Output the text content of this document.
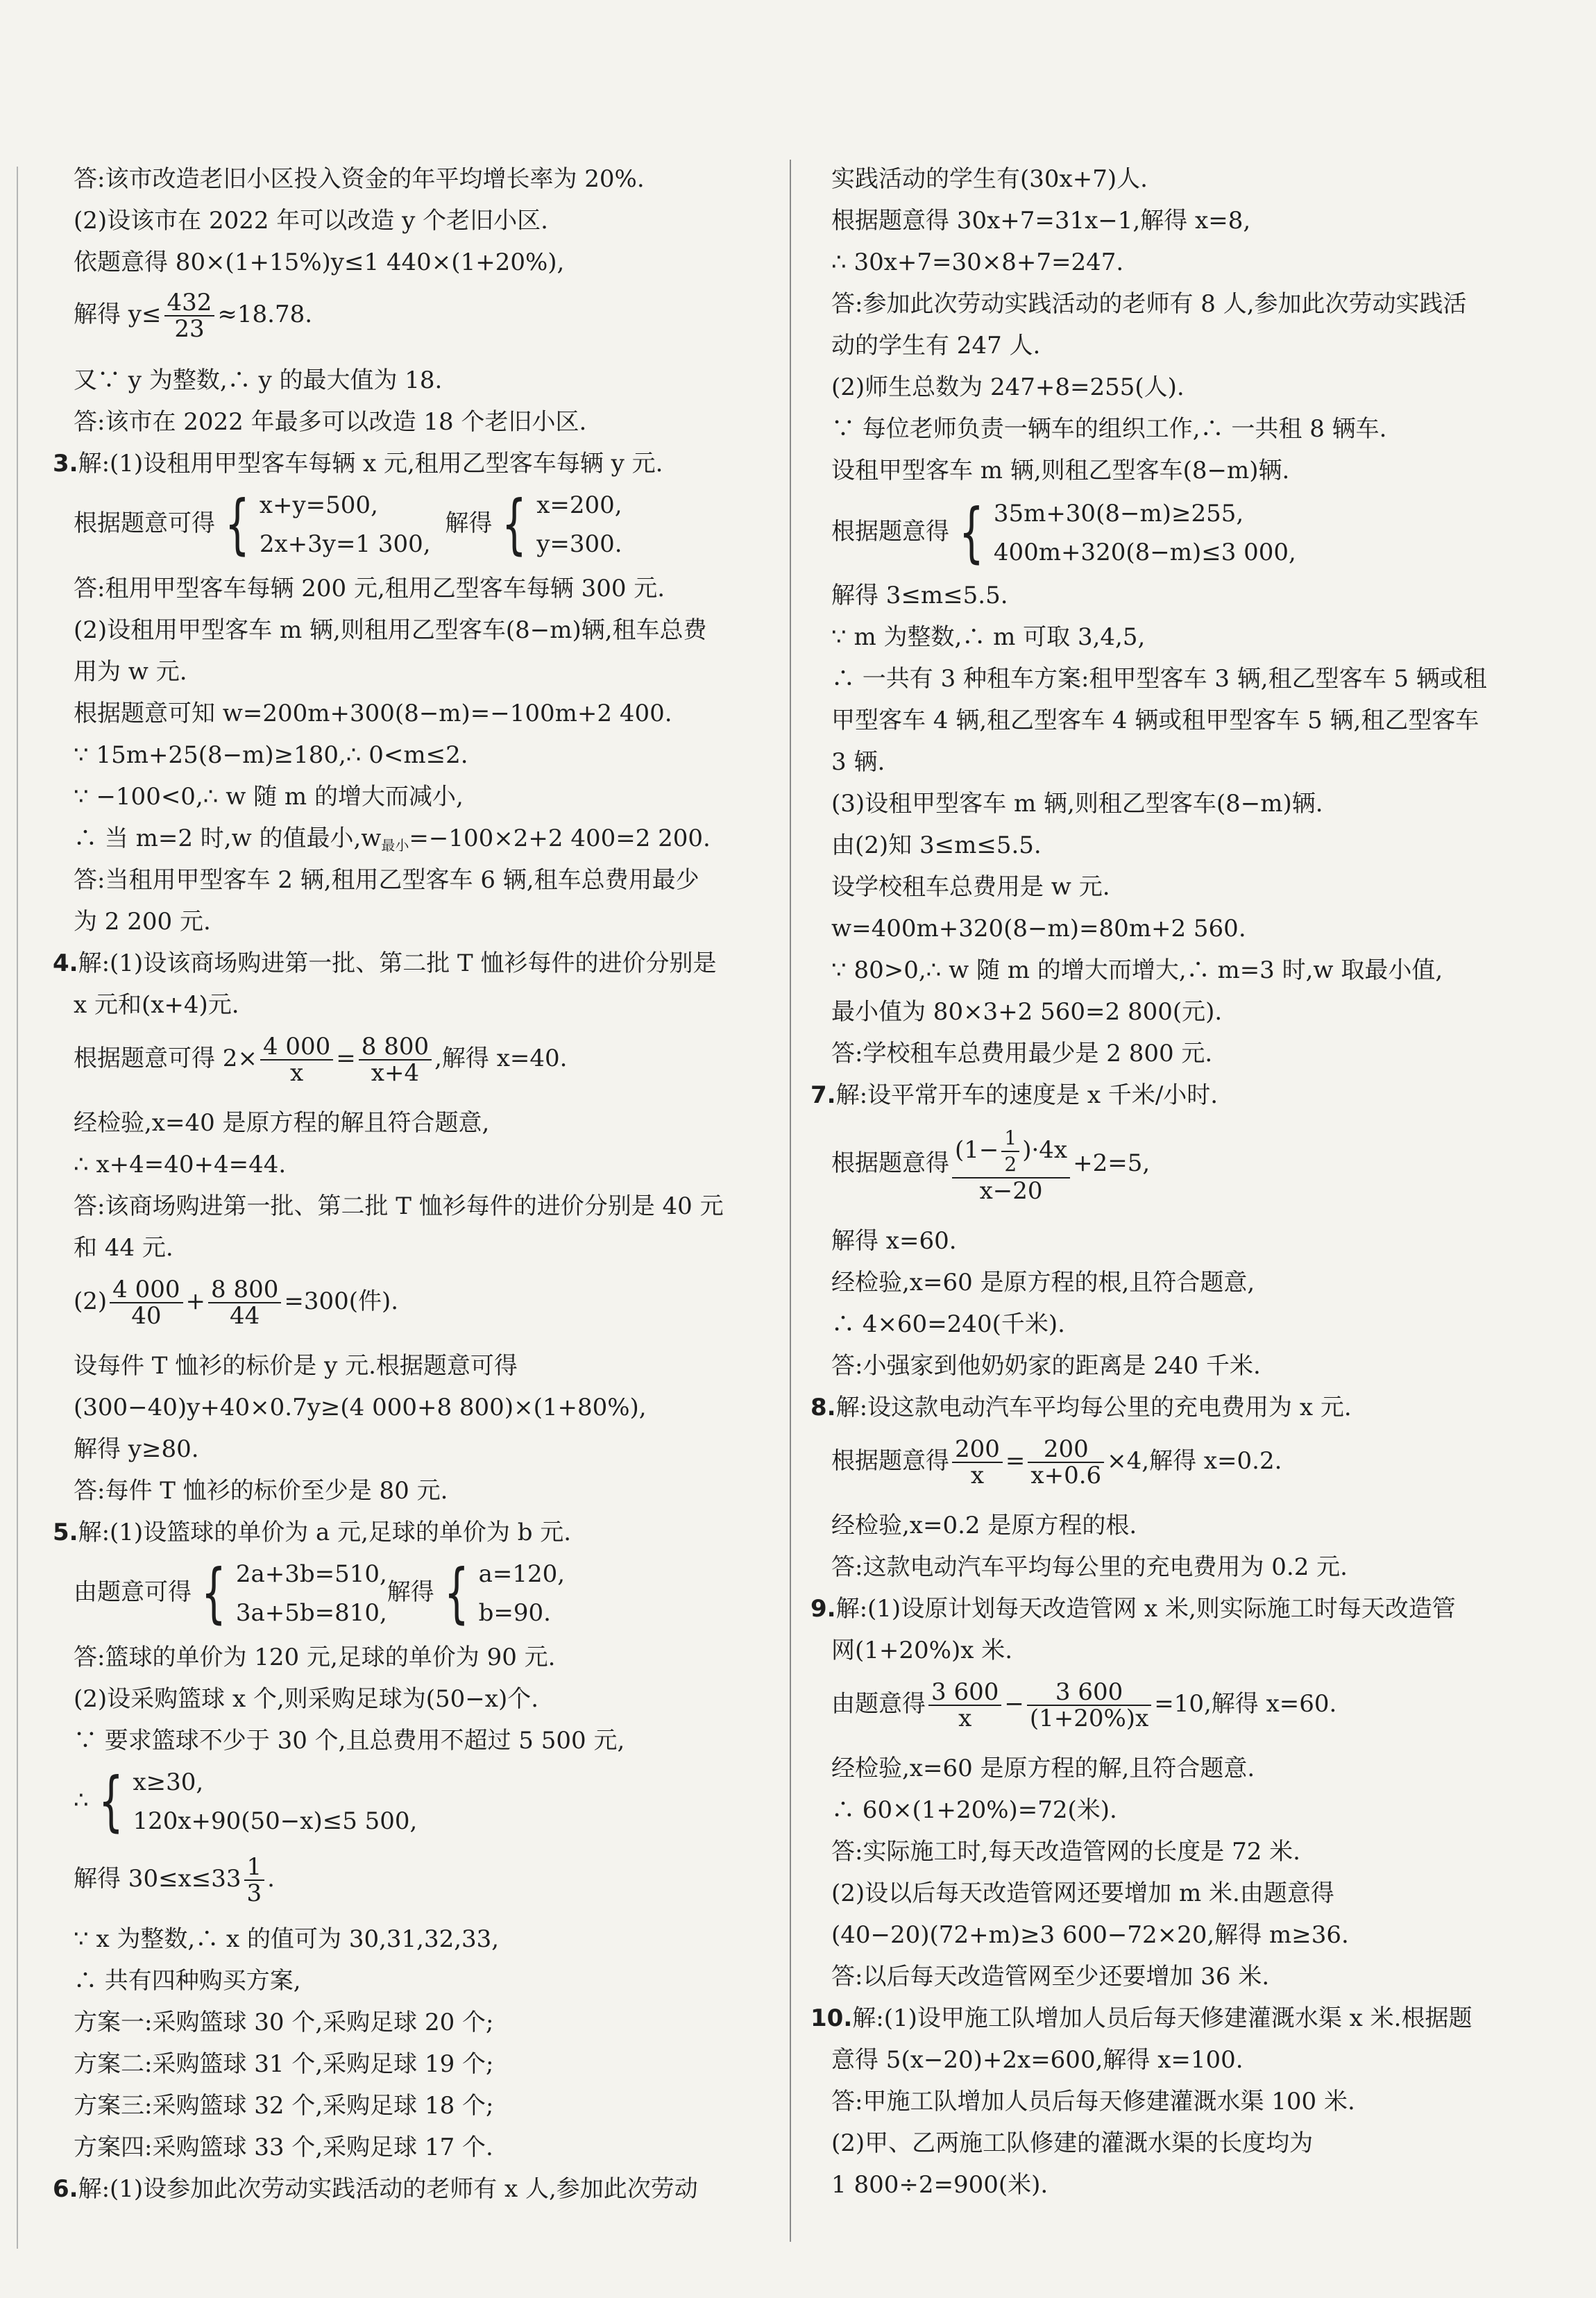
答:该市改造老旧小区投入资金的年平均增长率为 20%.
(2)设该市在 2022 年可以改造 y 个老旧小区.
依题意得 80×(1+15%)y≤1 440×(1+20%),
解得 $y\le \frac{432}{23} \approx 18.78$.
又∵ y 为整数,∴ y 的最大值为 18.
答:该市在 2022 年最多可以改造 18 个老旧小区.
3.解:(1)设租用甲型客车每辆 x 元,租用乙型客车每辆 y 元.
根据题意可得 { x+y=500,
2x+3y=1 300,
解得 { x=200,
y=300.
答:租用甲型客车每辆 200 元,租用乙型客车每辆 300 元.
(2)设租用甲型客车 m 辆,则租用乙型客车(8−m)辆,租车总费
用为 w 元.
根据题意可知 w=200m+300(8−m)=−100m+2 400.
∵ 15m+25(8−m)≥180,∴ 0<m≤2.
∵ −100<0,∴ w 随 m 的增大而减小,
∴ 当 m=2 时,w 的值最小$,w_{最小}=-100\times 2+2$ 400=2 200.
答:当租用甲型客车 2 辆,租用乙型客车 6 辆,租车总费用最少
为 2 200 元.
4.解:(1)设该商场购进第一批、第二批 T 恤衫每件的进价分别是
x 元和(x+4)元.
根据题意可得 $2\times \frac{4 000}{x} = \frac{8 800}{x+4}$ ,解得 x=40.
经检验,x=40 是原方程的解且符合题意,
∴ x+4=40+4=44.
答:该商场购进第一批、第二批 T 恤衫每件的进价分别是 40 元
和 44 元.
$(2) \frac{4 000}{40} + \frac{8 800}{44} =300$(件).
设每件 T 恤衫的标价是 y 元.根据题意可得
(300−40)y+40×0.7y≥(4 000+8 800)×(1+80%),
解得 y≥80.
答:每件 T 恤衫的标价至少是 80 元.
5.解:(1)设篮球的单价为 a 元,足球的单价为 b 元.
由题意可得 { 2a+3b=510,
3a+5b=810,
解得 { a=120,
b=90.
答:篮球的单价为 120 元,足球的单价为 90 元.
(2)设采购篮球 x 个,则采购足球为(50−x)个.
∵ 要求篮球不少于 30 个,且总费用不超过 5 500 元,
∴ { x≥30,
120x+90(50−x)≤5 500,
解得 $30\le x\le 33 \frac{1}{3}$ .
∵ x 为整数,∴ x 的值可为 30,31,32,33,
∴ 共有四种购买方案,
方案一:采购篮球 30 个,采购足球 20 个;
方案二:采购篮球 31 个,采购足球 19 个;
方案三:采购篮球 32 个,采购足球 18 个;
方案四:采购篮球 33 个,采购足球 17 个.
6.解:(1)设参加此次劳动实践活动的老师有 x 人,参加此次劳动
实践活动的学生有(30x+7)人.
根据题意得 30x+7=31x−1,解得 x=8,
∴ 30x+7=30×8+7=247.
答:参加此次劳动实践活动的老师有 8 人,参加此次劳动实践活
动的学生有 247 人.
(2)师生总数为 247+8=255(人).
∵ 每位老师负责一辆车的组织工作,∴ 一共租 8 辆车.
设租甲型客车 m 辆,则租乙型客车(8−m)辆.
根据题意得 { 35m+30(8−m)≥255,
400m+320(8−m)≤3 000,
解得 3≤m≤5.5.
∵ m 为整数,∴ m 可取 3,4,5,
∴ 一共有 3 种租车方案:租甲型客车 3 辆,租乙型客车 5 辆或租
甲型客车 4 辆,租乙型客车 4 辆或租甲型客车 5 辆,租乙型客车
3 辆.
(3)设租甲型客车 m 辆,则租乙型客车(8−m)辆.
由(2)知 3≤m≤5.5.
设学校租车总费用是 w 元.
w=400m+320(8−m)=80m+2 560.
∵ 80>0,∴ w 随 m 的增大而增大,∴ m=3 时,w 取最小值,
最小值为 80×3+2 560=2 800(元).
答:学校租车总费用最少是 2 800 元.
7.解:设平常开车的速度是 x 千米/小时.
根据题意得 $\frac{(1- \frac{1}{2} )\cdot 4x}{x-20} +2=5$,
解得 x=60.
经检验,x=60 是原方程的根,且符合题意,
∴ 4×60=240(千米).
答:小强家到他奶奶家的距离是 240 千米.
8.解:设这款电动汽车平均每公里的充电费用为 x 元.
根据题意得 $\frac{200}{x} = \frac{200}{x+0.6} \times 4$,解得 x=0.2.
经检验,x=0.2 是原方程的根.
答:这款电动汽车平均每公里的充电费用为 0.2 元.
9.解:(1)设原计划每天改造管网 x 米,则实际施工时每天改造管
网(1+20%)x 米.
由题意得 $\frac{3 600}{x} - \frac{3 600}{(1+20\%)x} =10$,解得 x=60.
经检验,x=60 是原方程的解,且符合题意.
∴ 60×(1+20%)=72(米).
答:实际施工时,每天改造管网的长度是 72 米.
(2)设以后每天改造管网还要增加 m 米.由题意得
(40−20)(72+m)≥3 600−72×20,解得 m≥36.
答:以后每天改造管网至少还要增加 36 米.
10.解:(1)设甲施工队增加人员后每天修建灌溉水渠 x 米.根据题
意得 5(x−20)+2x=600,解得 x=100.
答:甲施工队增加人员后每天修建灌溉水渠 100 米.
(2)甲、乙两施工队修建的灌溉水渠的长度均为
1 800÷2=900(米).
